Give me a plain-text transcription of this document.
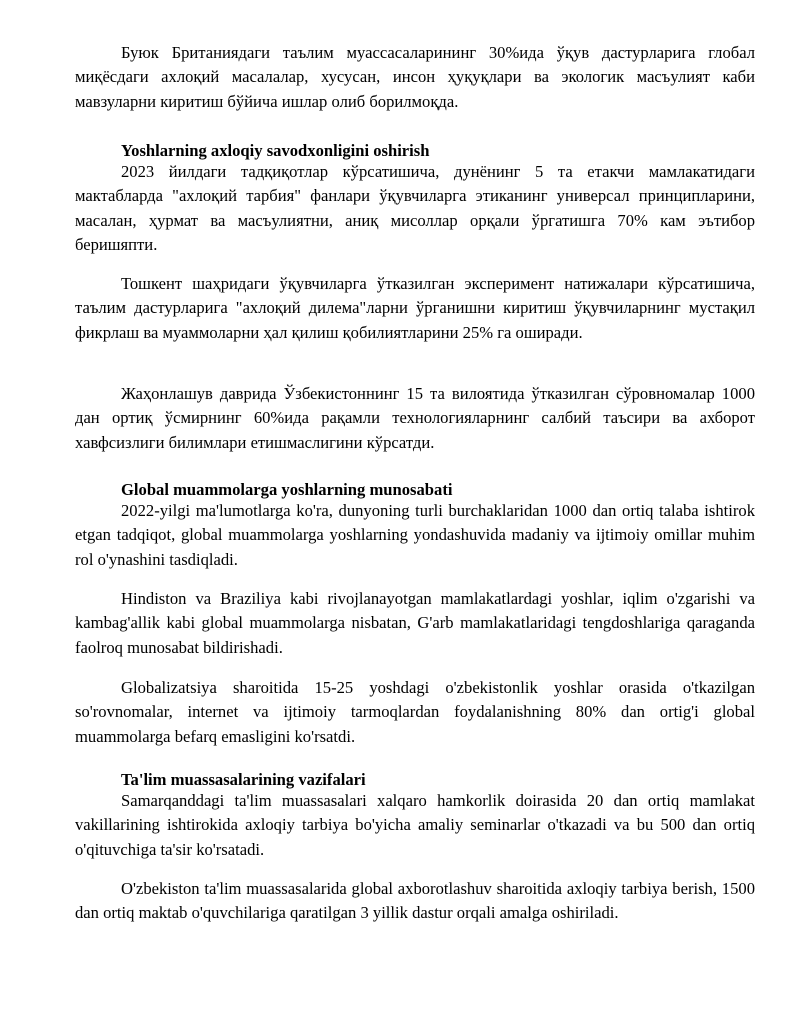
Буюк Британиядаги таълим муассасаларининг 30%ида ўқув дастурларига глобал миқёсдаги ахлоқий масалалар, хусусан, инсон ҳуқуқлари ва экологик масъулият каби мавзуларни киритиш бўйича ишлар олиб борилмоқда.

Yoshlarning axloqiy savodxonligini oshirish

2023 йилдаги тадқиқотлар кўрсатишича, дунёнинг 5 та етакчи мамлакатидаги мактабларда "ахлоқий тарбия" фанлари ўқувчиларга этиканинг универсал принципларини, масалан, ҳурмат ва масъулиятни, аниқ мисоллар орқали ўргатишга 70% кам эътибор беришяпти.

Тошкент шаҳридаги ўқувчиларга ўтказилган эксперимент натижалари кўрсатишича, таълим дастурларига "ахлоқий дилема"ларни ўрганишни киритиш ўқувчиларнинг мустақил фикрлаш ва муаммоларни ҳал қилиш қобилиятларини 25% га оширади.

Жаҳонлашув даврида Ўзбекистоннинг 15 та вилоятида ўтказилган сўровномалар 1000 дан ортиқ ўсмирнинг 60%ида рақамли технологияларнинг салбий таъсири ва ахборот хавфсизлиги билимлари етишмаслигини кўрсатди.

Global muammolarga yoshlarning munosabati

2022-yilgi ma'lumotlarga ko'ra, dunyoning turli burchaklaridan 1000 dan ortiq talaba ishtirok etgan tadqiqot, global muammolarga yoshlarning yondashuvida madaniy va ijtimoiy omillar muhim rol o'ynashini tasdiqladi.

Hindiston va Braziliya kabi rivojlanayotgan mamlakatlardagi yoshlar, iqlim o'zgarishi va kambag'allik kabi global muammolarga nisbatan, G'arb mamlakatlaridagi tengdoshlariga qaraganda faolroq munosabat bildirishadi.

Globalizatsiya sharoitida 15-25 yoshdagi o'zbekistonlik yoshlar orasida o'tkazilgan so'rovnomalar, internet va ijtimoiy tarmoqlardan foydalanishning 80% dan ortig'i global muammolarga befarq emasligini ko'rsatdi.

Ta'lim muassasalarining vazifalari

Samarqanddagi ta'lim muassasalari xalqaro hamkorlik doirasida 20 dan ortiq mamlakat vakillarining ishtirokida axloqiy tarbiya bo'yicha amaliy seminarlar o'tkazadi va bu 500 dan ortiq o'qituvchiga ta'sir ko'rsatadi.

O'zbekiston ta'lim muassasalarida global axborotlashuv sharoitida axloqiy tarbiya berish, 1500 dan ortiq maktab o'quvchilariga qaratilgan 3 yillik dastur orqali amalga oshiriladi.
